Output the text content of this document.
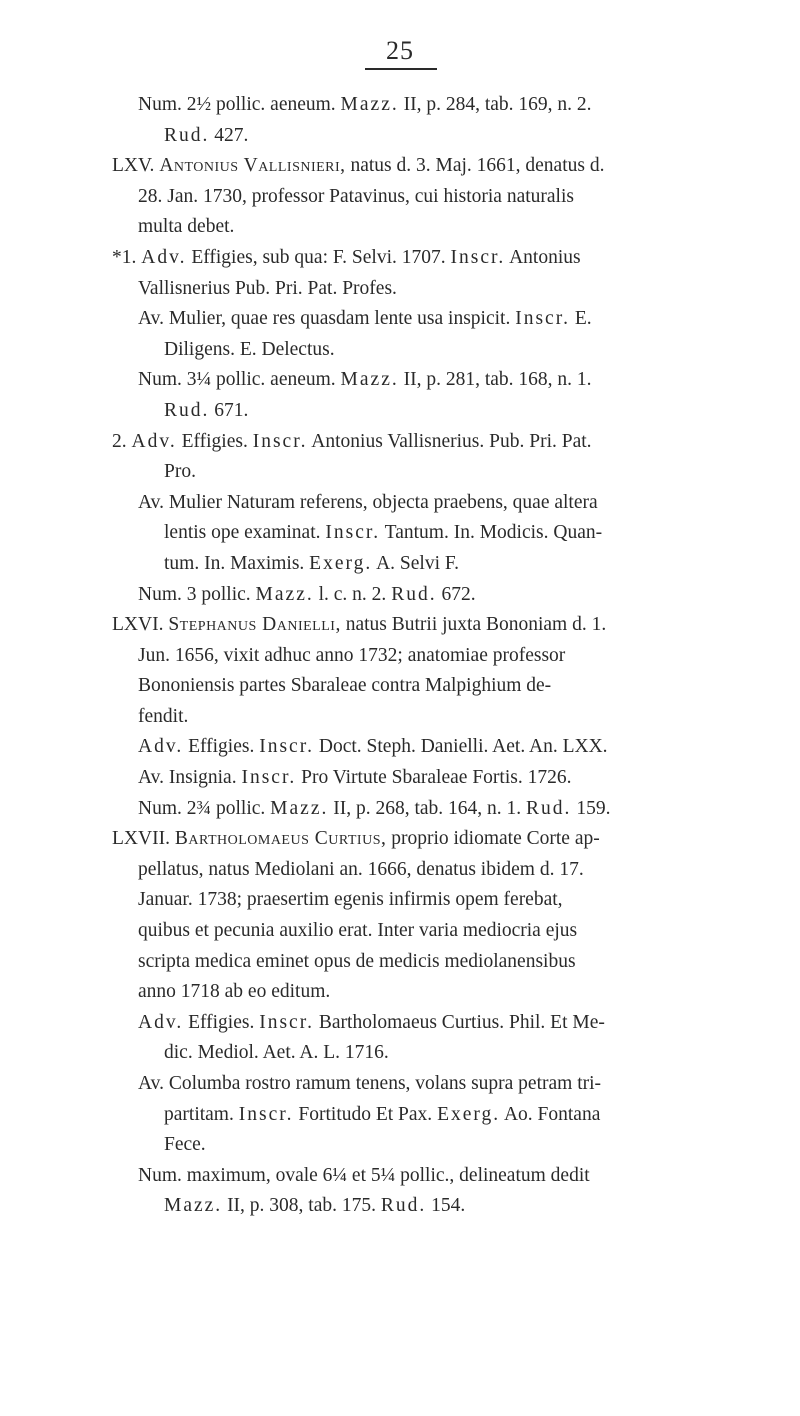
25
Num. 2½ pollic. aeneum. Mazz. II, p. 284, tab. 169, n. 2.
Rud. 427.
LXV. Antonius Vallisnieri, natus d. 3. Maj. 1661, denatus d.
28. Jan. 1730, professor Patavinus, cui historia naturalis
multa debet.
*1. Adv. Effigies, sub qua: F. Selvi. 1707. Inscr. Antonius
Vallisnerius Pub. Pri. Pat. Profes.
Av. Mulier, quae res quasdam lente usa inspicit. Inscr. E.
Diligens. E. Delectus.
Num. 3¼ pollic. aeneum. Mazz. II, p. 281, tab. 168, n. 1.
Rud. 671.
2. Adv. Effigies. Inscr. Antonius Vallisnerius. Pub. Pri. Pat.
Pro.
Av. Mulier Naturam referens, objecta praebens, quae altera
lentis ope examinat. Inscr. Tantum. In. Modicis. Quan-
tum. In. Maximis. Exerg. A. Selvi F.
Num. 3 pollic. Mazz. l. c. n. 2. Rud. 672.
LXVI. Stephanus Danielli, natus Butrii juxta Bononiam d. 1.
Jun. 1656, vixit adhuc anno 1732; anatomiae professor
Bononiensis partes Sbaraleae contra Malpighium de-
fendit.
Adv. Effigies. Inscr. Doct. Steph. Danielli. Aet. An. LXX.
Av. Insignia. Inscr. Pro Virtute Sbaraleae Fortis. 1726.
Num. 2¾ pollic. Mazz. II, p. 268, tab. 164, n. 1. Rud. 159.
LXVII. Bartholomaeus Curtius, proprio idiomate Corte ap-
pellatus, natus Mediolani an. 1666, denatus ibidem d. 17.
Januar. 1738; praesertim egenis infirmis opem ferebat,
quibus et pecunia auxilio erat. Inter varia mediocria ejus
scripta medica eminet opus de medicis mediolanensibus
anno 1718 ab eo editum.
Adv. Effigies. Inscr. Bartholomaeus Curtius. Phil. Et Me-
dic. Mediol. Aet. A. L. 1716.
Av. Columba rostro ramum tenens, volans supra petram tri-
partitam. Inscr. Fortitudo Et Pax. Exerg. Ao. Fontana
Fece.
Num. maximum, ovale 6¼ et 5¼ pollic., delineatum dedit
Mazz. II, p. 308, tab. 175. Rud. 154.
